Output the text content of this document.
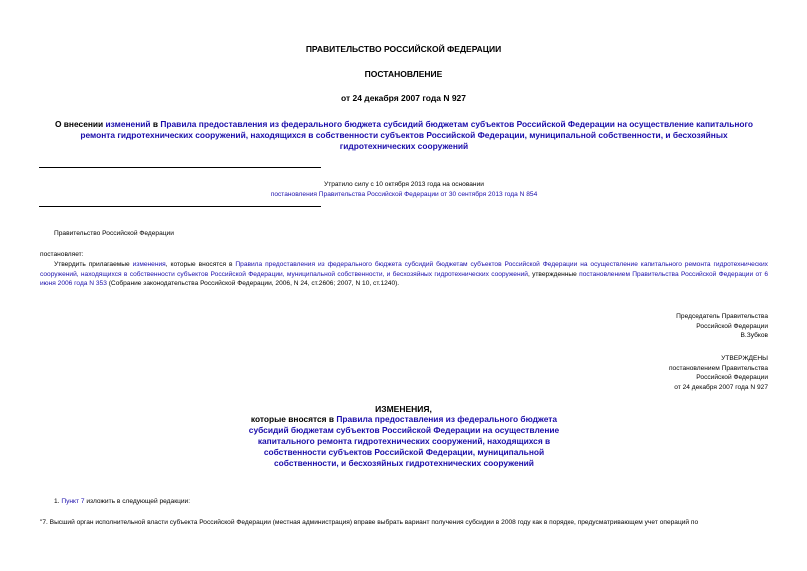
ПРАВИТЕЛЬСТВО РОССИЙСКОЙ ФЕДЕРАЦИИ
ПОСТАНОВЛЕНИЕ
от 24 декабря 2007 года N 927
О внесении изменений в Правила предоставления из федерального бюджета субсидий бюджетам субъектов Российской Федерации на осуществление капитального ремонта гидротехнических сооружений, находящихся в собственности субъектов Российской Федерации, муниципальной собственности, и бесхозяйных гидротехнических сооружений
Утратило силу с 10 октября 2013 года на основании
постановления Правительства Российской Федерации от 30 сентября 2013 года N 854
Правительство Российской Федерации
постановляет:
Утвердить прилагаемые изменения, которые вносятся в Правила предоставления из федерального бюджета субсидий бюджетам субъектов Российской Федерации на осуществление капитального ремонта гидротехнических сооружений, находящихся в собственности субъектов Российской Федерации, муниципальной собственности, и бесхозяйных гидротехнических сооружений, утвержденные постановлением Правительства Российской Федерации от 6 июня 2006 года N 353 (Собрание законодательства Российской Федерации, 2006, N 24, ст.2606; 2007, N 10, ст.1240).
Председатель Правительства
Российской Федерации
В.Зубков
УТВЕРЖДЕНЫ
постановлением Правительства
Российской Федерации
от 24 декабря 2007 года N 927
ИЗМЕНЕНИЯ,
которые вносятся в Правила предоставления из федерального бюджета субсидий бюджетам субъектов Российской Федерации на осуществление капитального ремонта гидротехнических сооружений, находящихся в собственности субъектов Российской Федерации, муниципальной собственности, и бесхозяйных гидротехнических сооружений
1. Пункт 7 изложить в следующей редакции:
"7. Высший орган исполнительной власти субъекта Российской Федерации (местная администрация) вправе выбрать вариант получения субсидии в 2008 году как в порядке, предусматривающем учет операций по
